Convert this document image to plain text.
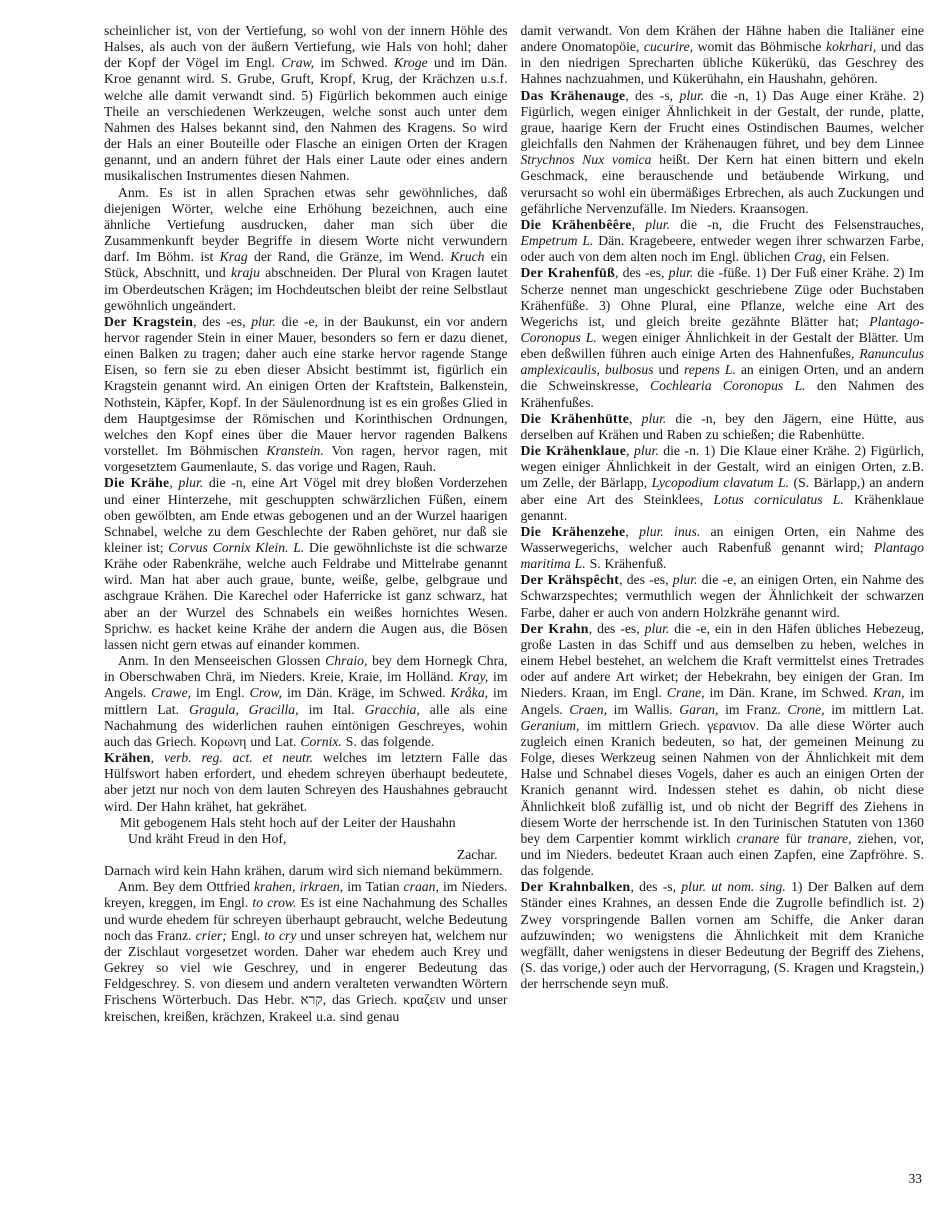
scheinlicher ist, von der Vertiefung, so wohl von der innern Höhle des Halses, als auch von der äußern Vertiefung, wie Hals von hohl; daher der Kopf der Vögel im Engl. Craw, im Schwed. Kroge und im Dän. Kroe genannt wird. S. Grube, Gruft, Kropf, Krug, der Krächzen u.s.f. welche alle damit verwandt sind. 5) Figürlich bekommen auch einige Theile an verschiedenen Werkzeugen, welche sonst auch unter dem Nahmen des Halses bekannt sind, den Nahmen des Kragens. So wird der Hals an einer Bouteille oder Flasche an einigen Orten der Kragen genannt, und an andern führet der Hals einer Laute oder eines andern musikalischen Instrumentes diesen Nahmen.

Anm. Es ist in allen Sprachen etwas sehr gewöhnliches, daß diejenigen Wörter, welche eine Erhöhung bezeichnen, auch eine ähnliche Vertiefung ausdrucken, daher man sich über die Zusammenkunft beyder Begriffe in diesem Worte nicht verwundern darf. Im Böhm. ist Krag der Rand, die Gränze, im Wend. Kruch ein Stück, Abschnitt, und kraju abschneiden. Der Plural von Kragen lautet im Oberdeutschen Krägen; im Hochdeutschen bleibt der reine Selbstlaut gewöhnlich ungeändert.

Der Kragstein, des -es, plur. die -e, in der Baukunst, ein vor andern hervor ragender Stein in einer Mauer, besonders so fern er dazu dienet, einen Balken zu tragen; daher auch eine starke hervor ragende Stange Eisen, so fern sie zu eben dieser Absicht bestimmt ist, figürlich ein Kragstein genannt wird. An einigen Orten der Kraftstein, Balkenstein, Nothstein, Käpfer, Kopf. In der Säulenordnung ist es ein großes Glied in dem Hauptgesimse der Römischen und Korinthischen Ordnungen, welches den Kopf eines über die Mauer hervor ragenden Balkens vorstellet. Im Böhmischen Kranstein. Von ragen, hervor ragen, mit vorgesetztem Gaumenlaute, S. das vorige und Ragen, Rauh.

Die Krähe, plur. die -n, eine Art Vögel mit drey bloßen Vorderzehen und einer Hinterzehe, mit geschuppten schwärzlichen Füßen, einem oben gewölbten, am Ende etwas gebogenen und an der Wurzel haarigen Schnabel, welche zu dem Geschlechte der Raben gehöret, nur daß sie kleiner ist; Corvus Cornix Klein. L. Die gewöhnlichste ist die schwarze Krähe oder Rabenkrähe, welche auch Feldrabe und Mittelrabe genannt wird. Man hat aber auch graue, bunte, weiße, gelbe, gelbgraue und aschgraue Krähen. Die Karechel oder Haferricke ist ganz schwarz, hat aber an der Wurzel des Schnabels ein weißes hornichtes Wesen. Sprichw. es hacket keine Krähe der andern die Augen aus, die Bösen lassen nicht gern etwas auf einander kommen.

Anm. In den Menseeischen Glossen Chraio, bey dem Hornegk Chra, in Oberschwaben Chrä, im Nieders. Kreie, Kraie, im Holländ. Kray, im Angels. Crawe, im Engl. Crow, im Dän. Kräge, im Schwed. Kråka, im mittlern Lat. Gragula, Gracilla, im Ital. Gracchia, alle als eine Nachahmung des widerlichen rauhen eintönigen Geschreyes, wohin auch das Griech. Κορωνη und Lat. Cornix. S. das folgende.

Krähen, verb. reg. act. et neutr. welches im letztern Falle das Hülfswort haben erfordert, und ehedem schreyen überhaupt bedeutete, aber jetzt nur noch von dem lauten Schreyen des Haushahnes gebraucht wird. Der Hahn krähet, hat gekrähet.

Mit gebogenem Hals steht hoch auf der Leiter der Haushahn

Und kräht Freud in den Hof,

Zachar.

Darnach wird kein Hahn krähen, darum wird sich niemand bekümmern.

Anm. Bey dem Ottfried krahen, irkraen, im Tatian craan, im Nieders. kreyen, kreggen, im Engl. to crow. Es ist eine Nachahmung des Schalles und wurde ehedem für schreyen überhaupt gebraucht, welche Bedeutung noch das Franz. crier; Engl. to cry und unser schreyen hat, welchem nur der Zischlaut vorgesetzet worden. Daher war ehedem auch Krey und Gekrey so viel wie Geschrey, und in engerer Bedeutung das Feldgeschrey. S. von diesem und andern veralteten verwandten Wörtern Frischens Wörterbuch. Das Hebr. קרא, das Griech. κραζειν und unser kreischen, kreißen, krächzen, Krakeel u.a. sind genau

damit verwandt. Von dem Krähen der Hähne haben die Italiäner eine andere Onomatopöie, cucurire, womit das Böhmische kokrhari, und das in den niedrigen Sprecharten übliche Kükerükü, das Geschrey des Hahnes nachzuahmen, und Kükerühahn, ein Haushahn, gehören.

Das Krähenauge, des -s, plur. die -n, 1) Das Auge einer Krähe. 2) Figürlich, wegen einiger Ähnlichkeit in der Gestalt, der runde, platte, graue, haarige Kern der Frucht eines Ostindischen Baumes, welcher gleichfalls den Nahmen der Krähenaugen führet, und bey dem Linnee Strychnos Nux vomica heißt. Der Kern hat einen bittern und ekeln Geschmack, eine berauschende und betäubende Wirkung, und verursacht so wohl ein übermäßiges Erbrechen, als auch Zuckungen und gefährliche Nervenzufälle. Im Nieders. Kraansogen.

Die Krähenbêêre, plur. die -n, die Frucht des Felsenstrauches, Empetrum L. Dän. Kragebeere, entweder wegen ihrer schwarzen Farbe, oder auch von dem alten noch im Engl. üblichen Crag, ein Felsen.

Der Krahenfūß, des -es, plur. die -füße. 1) Der Fuß einer Krähe. 2) Im Scherze nennet man ungeschickt geschriebene Züge oder Buchstaben Krähenfüße. 3) Ohne Plural, eine Pflanze, welche eine Art des Wegerichs ist, und gleich breite gezähnte Blätter hat; Plantago-Coronopus L. wegen einiger Ähnlichkeit in der Gestalt der Blätter. Um eben deßwillen führen auch einige Arten des Hahnenfußes, Ranunculus amplexicaulis, bulbosus und repens L. an einigen Orten, und an andern die Schweinskresse, Cochlearia Coronopus L. den Nahmen des Krähenfußes.

Die Krähenhütte, plur. die -n, bey den Jägern, eine Hütte, aus derselben auf Krähen und Raben zu schießen; die Rabenhütte.

Die Krähenklaue, plur. die -n. 1) Die Klaue einer Krähe. 2) Figürlich, wegen einiger Ähnlichkeit in der Gestalt, wird an einigen Orten, z.B. um Zelle, der Bärlapp, Lycopodium clavatum L. (S. Bärlapp,) an andern aber eine Art des Steinklees, Lotus corniculatus L. Krähenklaue genannt.

Die Krähenzehe, plur. inus. an einigen Orten, ein Nahme des Wasserwegerichs, welcher auch Rabenfuß genannt wird; Plantago maritima L. S. Krähenfuß.

Der Krähspêcht, des -es, plur. die -e, an einigen Orten, ein Nahme des Schwarzspechtes; vermuthlich wegen der Ähnlichkeit der schwarzen Farbe, daher er auch von andern Holzkrähe genannt wird.

Der Krahn, des -es, plur. die -e, ein in den Häfen übliches Hebezeug, große Lasten in das Schiff und aus demselben zu heben, welches in einem Hebel bestehet, an welchem die Kraft vermittelst eines Tretrades oder auf andere Art wirket; der Hebekrahn, bey einigen der Gran. Im Nieders. Kraan, im Engl. Crane, im Dän. Krane, im Schwed. Kran, im Angels. Craen, im Wallis. Garan, im Franz. Crone, im mittlern Lat. Geranium, im mittlern Griech. γερανιον. Da alle diese Wörter auch zugleich einen Kranich bedeuten, so hat, der gemeinen Meinung zu Folge, dieses Werkzeug seinen Nahmen von der Ähnlichkeit mit dem Halse und Schnabel dieses Vogels, daher es auch an einigen Orten der Kranich genannt wird. Indessen stehet es dahin, ob nicht diese Ähnlichkeit bloß zufällig ist, und ob nicht der Begriff des Ziehens in diesem Worte der herrschende ist. In den Turinischen Statuten von 1360 bey dem Carpentier kommt wirklich cranare für tranare, ziehen, vor, und im Nieders. bedeutet Kraan auch einen Zapfen, eine Zapfröhre. S. das folgende.

Der Krahnbalken, des -s, plur. ut nom. sing. 1) Der Balken auf dem Ständer eines Krahnes, an dessen Ende die Zugrolle befindlich ist. 2) Zwey vorspringende Ballen vornen am Schiffe, die Anker daran aufzuwinden; wo wenigstens die Ähnlichkeit mit dem Kraniche wegfällt, daher wenigstens in dieser Bedeutung der Begriff des Ziehens, (S. das vorige,) oder auch der Hervorragung, (S. Kragen und Kragstein,) der herrschende seyn muß.

33
